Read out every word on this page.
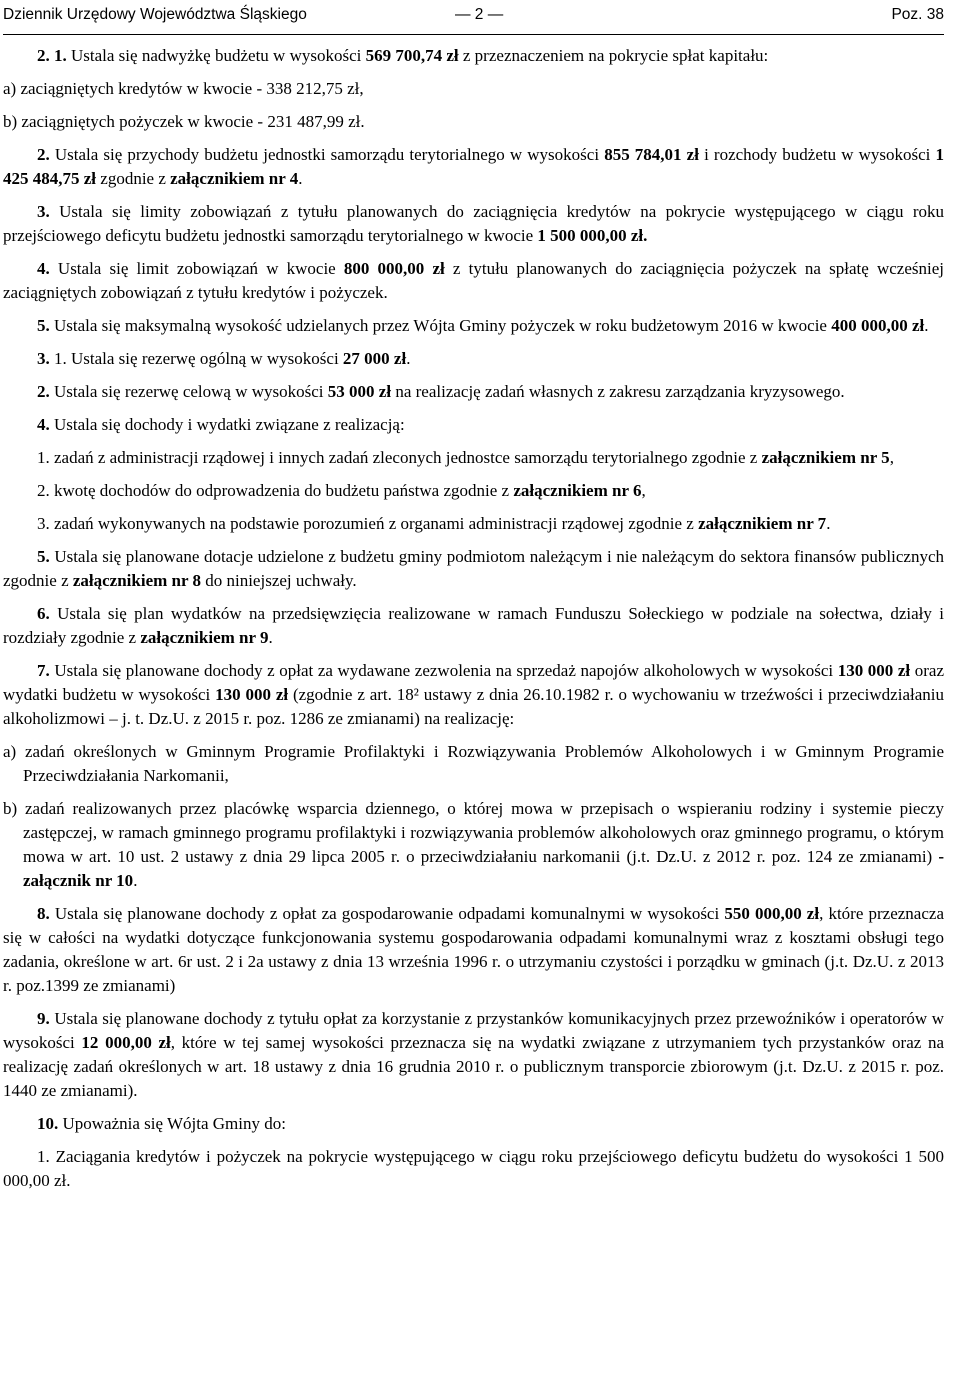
Dziennik Urzędowy Województwa Śląskiego	— 2 —	Poz. 38

2. 1. Ustala się nadwyżkę budżetu w wysokości 569 700,74 zł z przeznaczeniem na pokrycie spłat kapitału:

a) zaciągniętych kredytów w kwocie - 338 212,75 zł,

b) zaciągniętych pożyczek w kwocie - 231 487,99 zł.

2. Ustala się przychody budżetu jednostki samorządu terytorialnego w wysokości 855 784,01 zł i rozchody budżetu w wysokości 1 425 484,75 zł zgodnie z załącznikiem nr 4.

3. Ustala się limity zobowiązań z tytułu planowanych do zaciągnięcia kredytów na pokrycie występującego w ciągu roku przejściowego deficytu budżetu jednostki samorządu terytorialnego w kwocie 1 500 000,00 zł.

4. Ustala się limit zobowiązań w kwocie 800 000,00 zł z tytułu planowanych do zaciągnięcia pożyczek na spłatę wcześniej zaciągniętych zobowiązań z tytułu kredytów i pożyczek.

5. Ustala się maksymalną wysokość udzielanych przez Wójta Gminy pożyczek w roku budżetowym 2016 w kwocie 400 000,00 zł.

3. 1. Ustala się rezerwę ogólną w wysokości 27 000 zł.

2. Ustala się rezerwę celową w wysokości 53 000 zł na realizację zadań własnych z zakresu zarządzania kryzysowego.

4. Ustala się dochody i wydatki związane z realizacją:

1. zadań z administracji rządowej i innych zadań zleconych jednostce samorządu terytorialnego zgodnie z załącznikiem nr 5,

2. kwotę dochodów do odprowadzenia do budżetu państwa zgodnie z załącznikiem nr 6,

3. zadań wykonywanych na podstawie porozumień z organami administracji rządowej zgodnie z załącznikiem nr 7.

5. Ustala się planowane dotacje udzielone z budżetu gminy podmiotom należącym i nie należącym do sektora finansów publicznych zgodnie z załącznikiem nr 8 do niniejszej uchwały.

6. Ustala się plan wydatków na przedsięwzięcia realizowane w ramach Funduszu Sołeckiego w podziale na sołectwa, działy i rozdziały zgodnie z załącznikiem nr 9.

7. Ustala się planowane dochody z opłat za wydawane zezwolenia na sprzedaż napojów alkoholowych w wysokości 130 000 zł oraz wydatki budżetu w wysokości 130 000 zł (zgodnie z art. 18² ustawy z dnia 26.10.1982 r. o wychowaniu w trzeźwości i przeciwdziałaniu alkoholizmowi – j. t. Dz.U. z 2015 r. poz. 1286 ze zmianami) na realizację:

a) zadań określonych w Gminnym Programie Profilaktyki i Rozwiązywania Problemów Alkoholowych i w Gminnym Programie Przeciwdziałania Narkomanii,

b) zadań realizowanych przez placówkę wsparcia dziennego, o której mowa w przepisach o wspieraniu rodziny i systemie pieczy zastępczej, w ramach gminnego programu profilaktyki i rozwiązywania problemów alkoholowych oraz gminnego programu, o którym mowa w art. 10 ust. 2 ustawy z dnia 29 lipca 2005 r. o przeciwdziałaniu narkomanii (j.t. Dz.U. z 2012 r. poz. 124 ze zmianami) - załącznik nr 10.

8. Ustala się planowane dochody z opłat za gospodarowanie odpadami komunalnymi w wysokości 550 000,00 zł, które przeznacza się w całości na wydatki dotyczące funkcjonowania systemu gospodarowania odpadami komunalnymi wraz z kosztami obsługi tego zadania, określone w art. 6r ust. 2 i 2a ustawy z dnia 13 września 1996 r. o utrzymaniu czystości i porządku w gminach (j.t. Dz.U. z 2013 r. poz.1399 ze zmianami)

9. Ustala się planowane dochody z tytułu opłat za korzystanie z przystanków komunikacyjnych przez przewoźników i operatorów w wysokości 12 000,00 zł, które w tej samej wysokości przeznacza się na wydatki związane z utrzymaniem tych przystanków oraz na realizację zadań określonych w art. 18 ustawy z dnia 16 grudnia 2010 r. o publicznym transporcie zbiorowym (j.t. Dz.U. z 2015 r. poz. 1440 ze zmianami).

10. Upoważnia się Wójta Gminy do:

1. Zaciągania kredytów i pożyczek na pokrycie występującego w ciągu roku przejściowego deficytu budżetu do wysokości 1 500 000,00 zł.
